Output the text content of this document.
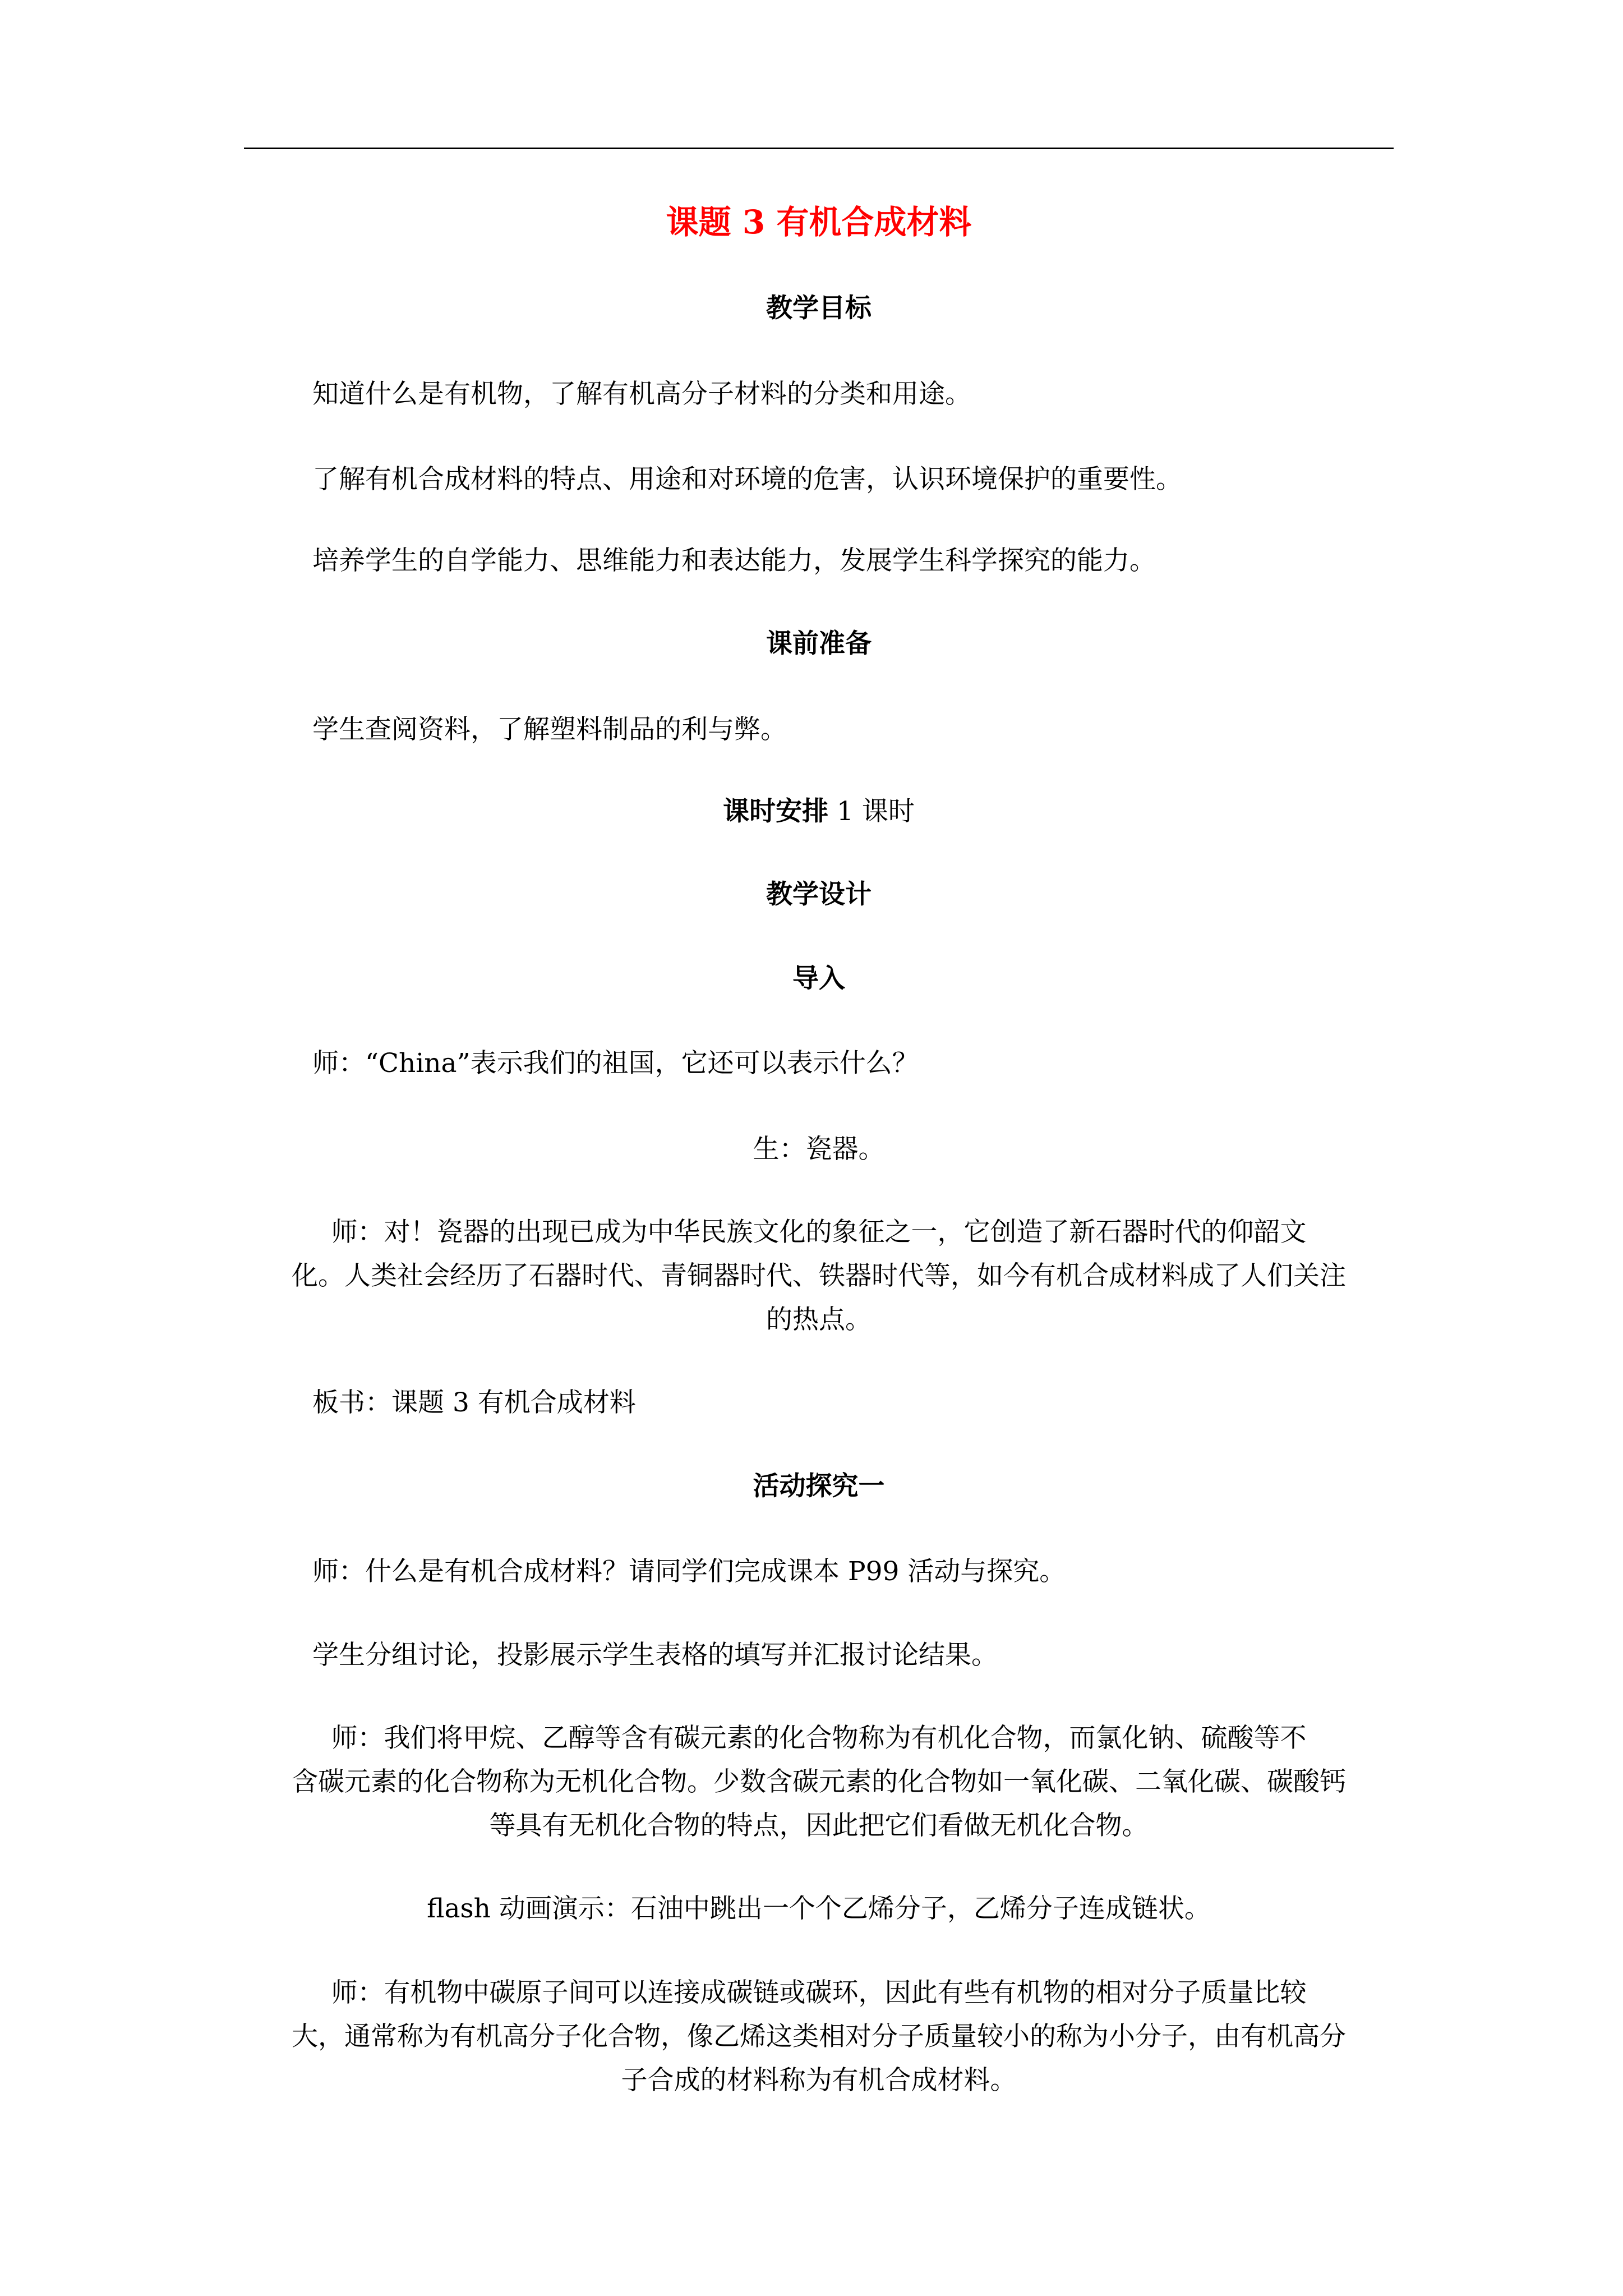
课题 3 有机合成材料

教学目标

知道什么是有机物，了解有机高分子材料的分类和用途。

了解有机合成材料的特点、用途和对环境的危害，认识环境保护的重要性。

培养学生的自学能力、思维能力和表达能力，发展学生科学探究的能力。

课前准备

学生查阅资料，了解塑料制品的利与弊。

课时安排 1 课时

教学设计

导入

师：“China”表示我们的祖国，它还可以表示什么？

生：瓷器。

师：对！瓷器的出现已成为中华民族文化的象征之一，它创造了新石器时代的仰韶文

化。人类社会经历了石器时代、青铜器时代、铁器时代等，如今有机合成材料成了人们关注

的热点。

板书：课题 3 有机合成材料

活动探究一

师：什么是有机合成材料？请同学们完成课本 P99 活动与探究。

学生分组讨论，投影展示学生表格的填写并汇报讨论结果。

师：我们将甲烷、乙醇等含有碳元素的化合物称为有机化合物，而氯化钠、硫酸等不

含碳元素的化合物称为无机化合物。少数含碳元素的化合物如一氧化碳、二氧化碳、碳酸钙

等具有无机化合物的特点，因此把它们看做无机化合物。

flash 动画演示：石油中跳出一个个乙烯分子，乙烯分子连成链状。

师：有机物中碳原子间可以连接成碳链或碳环，因此有些有机物的相对分子质量比较

大，通常称为有机高分子化合物，像乙烯这类相对分子质量较小的称为小分子，由有机高分

子合成的材料称为有机合成材料。
